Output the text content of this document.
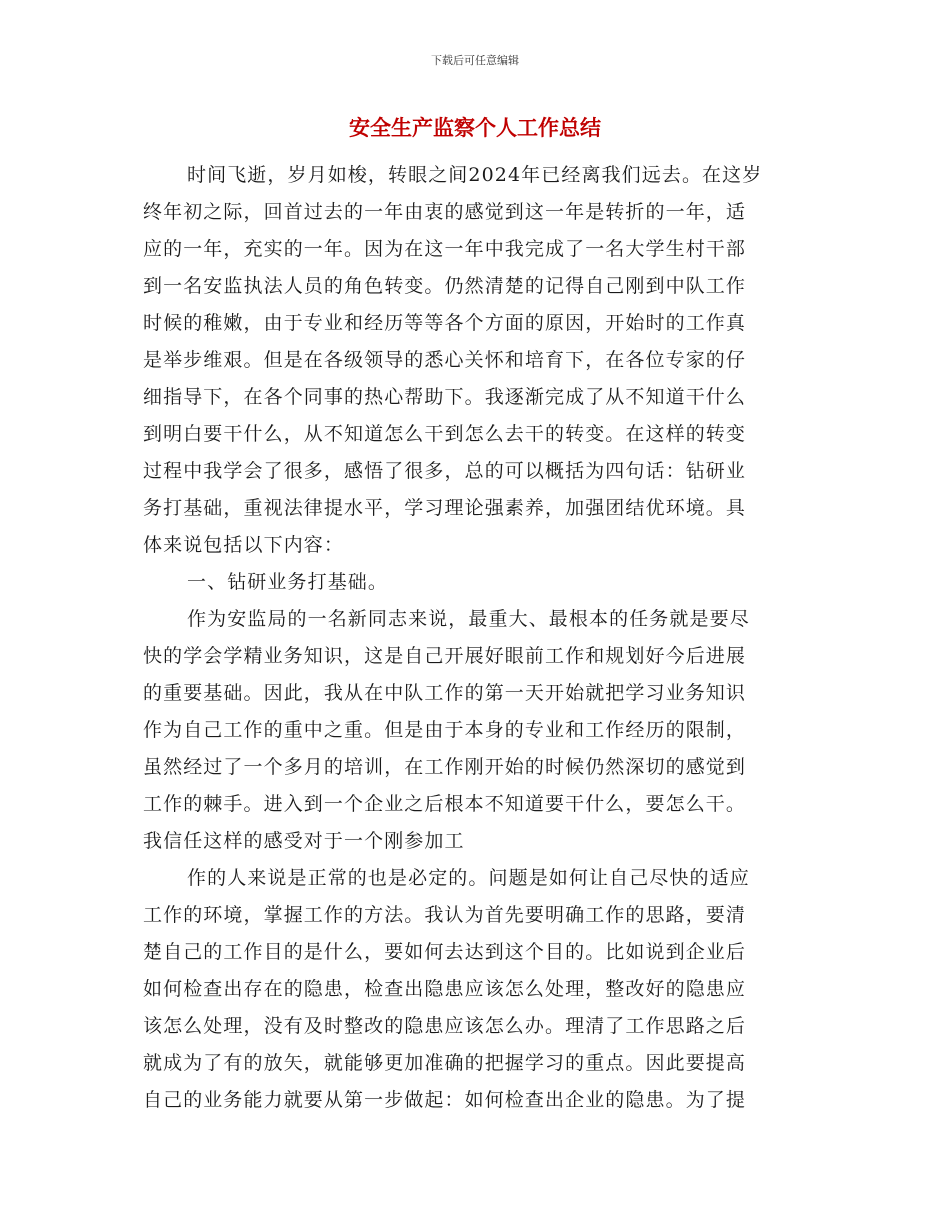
下载后可任意编辑
安全生产监察个人工作总结
时间飞逝，岁月如梭，转眼之间2024年已经离我们远去。在这岁
终年初之际，回首过去的一年由衷的感觉到这一年是转折的一年，适
应的一年，充实的一年。因为在这一年中我完成了一名大学生村干部
到一名安监执法人员的角色转变。仍然清楚的记得自己刚到中队工作
时候的稚嫩，由于专业和经历等等各个方面的原因，开始时的工作真
是举步维艰。但是在各级领导的悉心关怀和培育下，在各位专家的仔
细指导下，在各个同事的热心帮助下。我逐渐完成了从不知道干什么
到明白要干什么，从不知道怎么干到怎么去干的转变。在这样的转变
过程中我学会了很多，感悟了很多，总的可以概括为四句话：钻研业
务打基础，重视法律提水平，学习理论强素养，加强团结优环境。具
体来说包括以下内容：
一、钻研业务打基础。
作为安监局的一名新同志来说，最重大、最根本的任务就是要尽
快的学会学精业务知识，这是自己开展好眼前工作和规划好今后进展
的重要基础。因此，我从在中队工作的第一天开始就把学习业务知识
作为自己工作的重中之重。但是由于本身的专业和工作经历的限制，
虽然经过了一个多月的培训，在工作刚开始的时候仍然深切的感觉到
工作的棘手。进入到一个企业之后根本不知道要干什么，要怎么干。
我信任这样的感受对于一个刚参加工
作的人来说是正常的也是必定的。问题是如何让自己尽快的适应
工作的环境，掌握工作的方法。我认为首先要明确工作的思路，要清
楚自己的工作目的是什么，要如何去达到这个目的。比如说到企业后
如何检查出存在的隐患，检查出隐患应该怎么处理，整改好的隐患应
该怎么处理，没有及时整改的隐患应该怎么办。理清了工作思路之后
就成为了有的放矢，就能够更加准确的把握学习的重点。因此要提高
自己的业务能力就要从第一步做起：如何检查出企业的隐患。为了提
